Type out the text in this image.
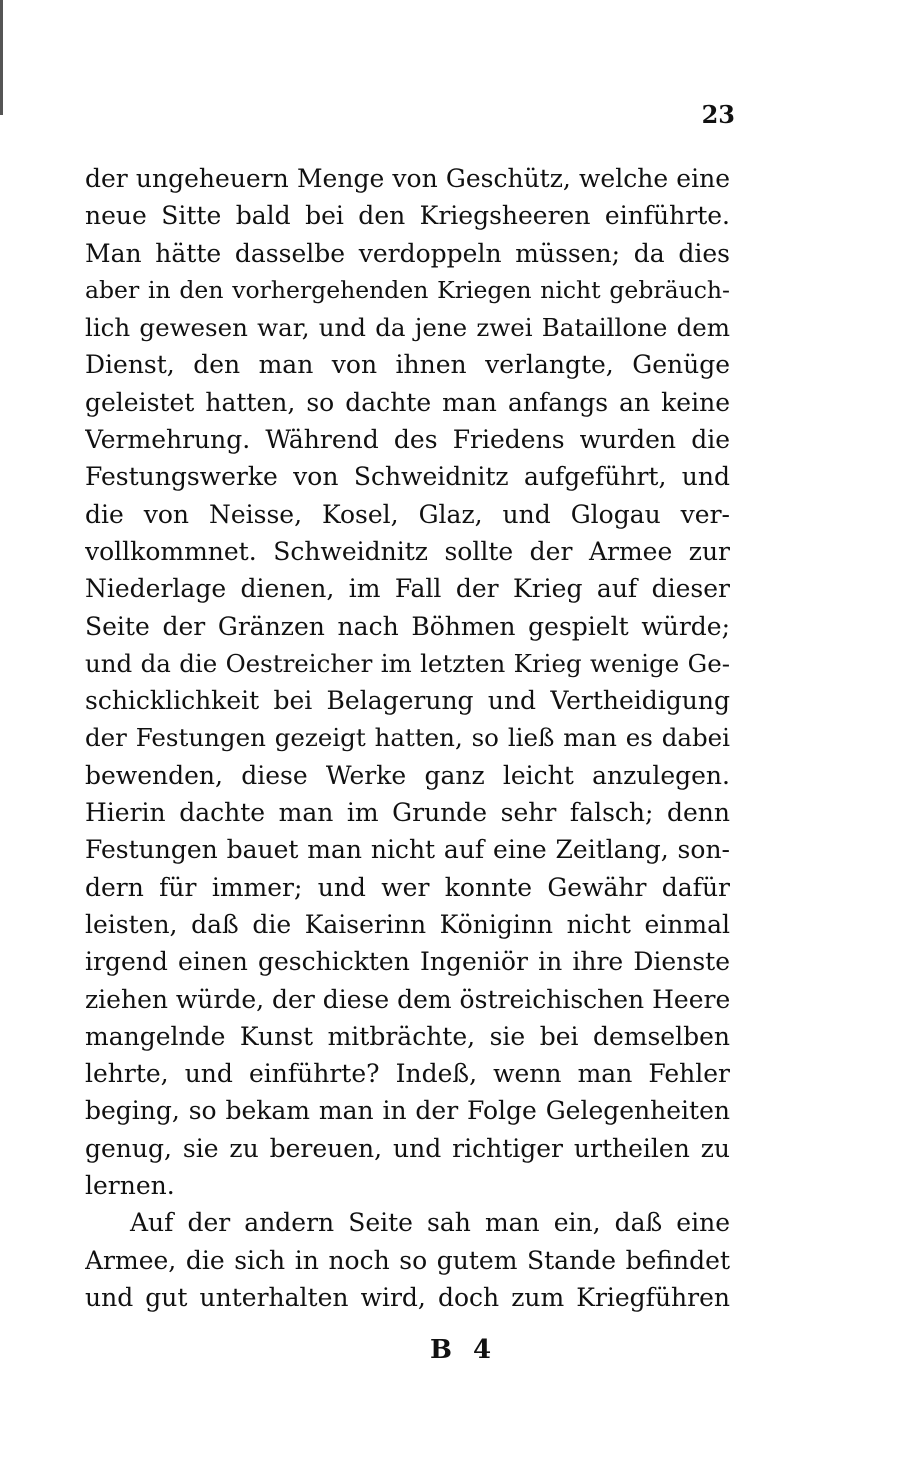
23
der ungeheuern Menge von Geschütz, welche eine
neue Sitte bald bei den Kriegsheeren einführte.
Man hätte dasselbe verdoppeln müssen; da dies
aber in den vorhergehenden Kriegen nicht gebräuch-
lich gewesen war, und da jene zwei Bataillone dem
Dienst, den man von ihnen verlangte, Genüge
geleistet hatten, so dachte man anfangs an keine
Vermehrung. Während des Friedens wurden die
Festungswerke von Schweidnitz aufgeführt, und
die von Neisse, Kosel, Glaz, und Glogau ver-
vollkommnet. Schweidnitz sollte der Armee zur
Niederlage dienen, im Fall der Krieg auf dieser
Seite der Gränzen nach Böhmen gespielt würde;
und da die Oestreicher im letzten Krieg wenige Ge-
schicklichkeit bei Belagerung und Vertheidigung
der Festungen gezeigt hatten, so ließ man es dabei
bewenden, diese Werke ganz leicht anzulegen.
Hierin dachte man im Grunde sehr falsch; denn
Festungen bauet man nicht auf eine Zeitlang, son-
dern für immer; und wer konnte Gewähr dafür
leisten, daß die Kaiserinn Königinn nicht einmal
irgend einen geschickten Ingeniör in ihre Dienste
ziehen würde, der diese dem östreichischen Heere
mangelnde Kunst mitbrächte, sie bei demselben
lehrte, und einführte? Indeß, wenn man Fehler
beging, so bekam man in der Folge Gelegenheiten
genug, sie zu bereuen, und richtiger urtheilen zu
lernen.
Auf der andern Seite sah man ein, daß eine
Armee, die sich in noch so gutem Stande befindet
und gut unterhalten wird, doch zum Kriegführen
B 4
